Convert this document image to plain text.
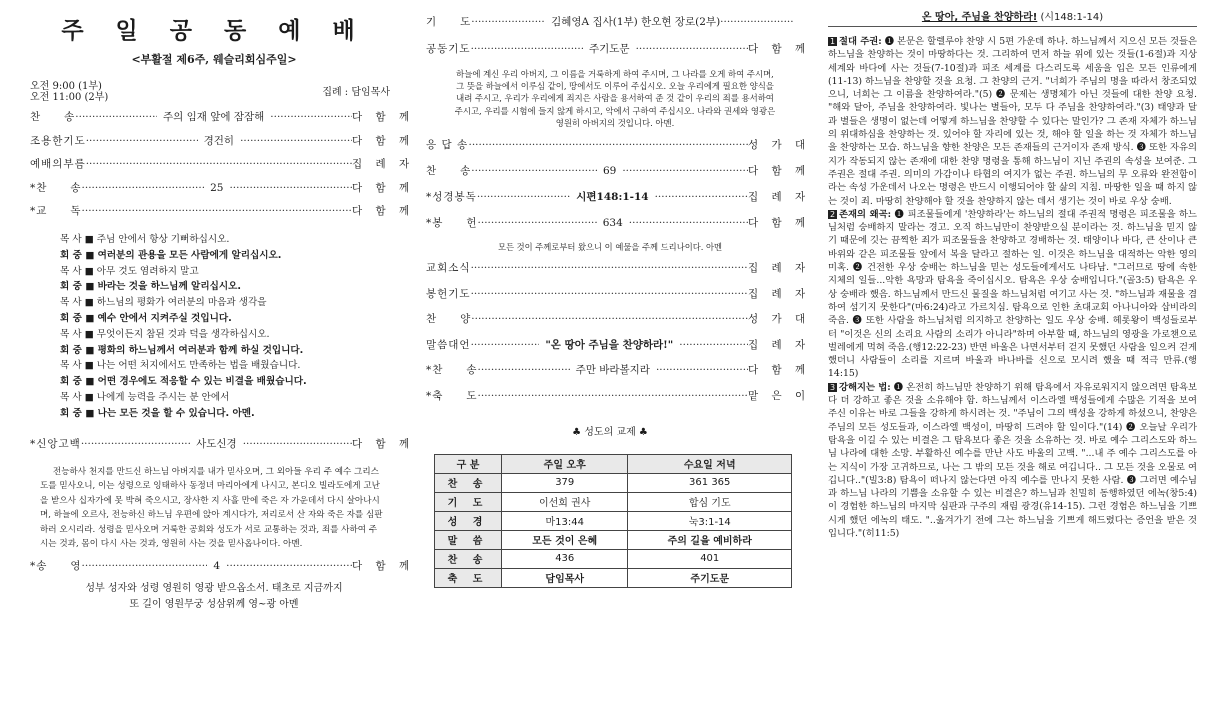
주 일 공 동 예 배
<부활절 제6주, 웨슬리회심주일>
오전 9:00 (1부)
오전 11:00 (2부)	집례 : 담임목사
찬　　송 ·····	주의 임재 앞에 잠잠해 ·····	다 함 께
조용한기도 ·····	경건히 ·····	다 함 께
예배의부름 ·····	집 례 자
*찬　　송 ·····	25 ·····	다 함 께
*교　　독 ·····	다 함 께
목 사 ■ 주님 안에서 항상 기뻐하십시오.
회 중 ■ 여러분의 관용을 모든 사람에게 알리십시오.
목 사 ■ 아무 것도 염려하지 말고
회 중 ■ 바라는 것을 하느님께 알리십시오.
목 사 ■ 하느님의 평화가 여러분의 마음과 생각을
회 중 ■ 예수 안에서 지켜주실 것입니다.
목 사 ■ 무엇이든지 참된 것과 덕을 생각하십시오.
회 중 ■ 평화의 하느님께서 여러분과 함께 하실 것입니다.
목 사 ■ 나는 어떤 처지에서도 만족하는 법을 배웠습니다.
회 중 ■ 어떤 경우에도 적응할 수 있는 비결을 배웠습니다.
목 사 ■ 나에게 능력을 주시는 분 안에서
회 중 ■ 나는 모든 것을 할 수 있습니다. 아멘.
*신앙고백 ·····	사도신경 ·····	다 함 께
전능하사 천지를 만드신 하느님 아버지를 내가 믿사오며, 그 외아들 우리 주 예수 그리스도를 믿사오니, 이는 성령으로 잉태하사 동정녀 마리아에게 나시고, 본디오 빌라도에게 고난을 받으사 십자가에 못 박혀 죽으시고, 장사한 지 사흘 만에 죽은 자 가운데서 다시 살아나시며, 하늘에 오르사, 전능하신 하느님 우편에 앉아 계시다가, 저리로서 산 자와 죽은 자를 심판하러 오시리라. 성령을 믿사오며 거룩한 공회와 성도가 서로 교통하는 것과, 죄를 사하여 주시는 것과, 몸이 다시 사는 것과, 영원히 사는 것을 믿사옵나이다. 아멘.
*송　　영 ·····	4 ·····	다 함 께
성부 성자와 성령 영원히 영광 받으옵소서. 태초로 지금까지
또 길이 영원무궁 성삼위께 영~광 아멘
기　　도 ·····	김혜영A 집사(1부) 한오현 장로(2부)
·····
공동기도 ·····	주기도문 ·····	다 함 께
하늘에 계신 우리 아버지, 그 이름을 거룩하게 하여 주시며, 그 나라를 오게 하여 주시며, 그 뜻을 하늘에서 이루심 같이, 땅에서도 이루어 주십시오. 오늘 우리에게 필요한 양식을 내려 주시고, 우리가 우리에게 죄지은 사람을 용서하여 준 것 같이 우리의 죄를 용서하여 주시고, 우리를 시험에 들지 않게 하시고, 악에서 구하여 주십시오. 나라와 권세와 영광은 영원히 아버지의 것입니다. 아멘.
응 답 송 ·····	성 가 대
찬　　송 ·····	69 ·····	다 함 께
*성경봉독 ·····	시편148:1-14 ·····	집 례 자
*봉　　헌 ·····	634 ·····	다 함 께
모든 것이 주께로부터 왔으니 이 예물을 주께 드리나이다. 아멘
교회소식 ·····	집 례 자
봉헌기도 ·····	집 례 자
찬　　양 ·····	성 가 대
말씀대언 ·····	"온 땅아 주님을 찬양하라!" ·····	집 례 자
*찬　　송 ·····	주만 바라볼지라 ·····	다 함 께
*축　　도 ·····	맡 은 이
♣ 성도의 교제 ♣
구 분	주일 오후	수요일 저녁
찬 송	379	361 365
기 도	이선희 권사	합심 기도
성 경	마13:44	눅3:1-14
말 씀	모든 것이 은혜	주의 길을 예비하라
찬 송	436	401
축 도	담임목사	주기도문
온 땅아, 주님을 찬양하라! (시148:1-14)
1 절대 주권: ❶ 본문은 할렐루야 찬양 시 5편 가운데 하나. 하느님께서 지으신 모든 것들은 하느님을 찬양하는 것이 마땅하다는 것. 그리하여 먼저 하늘 위에 있는 것들(1-6절)과 지상 세계와 바다에 사는 것들(7-10절)과 피조 세계를 다스리도록 세움을 입은 모든 인류에게(11-13) 하느님을 찬양할 것을 요청. 그 찬양의 근거. "너희가 주님의 명을 따라서 창조되었으니, 너희는 그 이름을 찬양하여라."(5) ❷ 문제는 생명체가 아닌 것들에 대한 찬양 요청. "해와 달아, 주님을 찬양하여라. 빛나는 별들아, 모두 다 주님을 찬양하여라."(3) 태양과 달과 별들은 생명이 없는데 어떻게 하느님을 찬양할 수 있다는 말인가? 그 존재 자체가 하느님의 위대하심을 찬양하는 것. 있어야 할 자리에 있는 것, 해야 할 일을 하는 것 자체가 하느님을 찬양하는 모습. 하느님을 향한 찬양은 모든 존재들의 근거이자 존재 방식. ❸ 또한 자유의지가 작동되지 않는 존재에 대한 찬양 명령을 통해 하느님이 지닌 주권의 속성을 보여준. 그 주권은 절대 주권. 의미의 가감이나 타협의 여지가 없는 주권. 하느님의 무 오류와 완전함이라는 속성 가운데서 나오는 명령은 반드시 이행되어야 할 삶의 지침. 마땅한 일을 때 하지 않는 것이 죄. 마땅히 찬양해야 할 것을 찬양하지 않는 데서 생기는 것이 바로 우상 숭배.
2 존재의 왜곡: ❶ 피조물들에게 '찬양하라'는 하느님의 절대 주권적 명령은 피조물을 하느님처럼 숭배하지 말라는 경고. 오직 하느님만이 찬양받으실 분이라는 것. 하느님을 믿지 않기 때문에 깃는 끔찍한 죄가 피조물들을 찬양하고 경배하는 것. 태양이나 바다, 큰 산이나 큰 바위와 같은 피조물들 앞에서 복을 달라고 절하는 일. 이것은 하느님을 대적하는 악한 영의 미혹. ❷ 건전한 우상 숭배는 하느님을 믿는 성도들에게서도 나타남. "그러므로 땅에 속한 지체의 일들...악한 욕망과 탐욕을 죽이십시오. 탐욕은 우상 숭배입니다."(골3:5) 탐욕은 우상 숭배라 했음. 하느님께서 만드신 물질을 하느님처럼 여기고 사는 것. "하느님과 재물을 겸하여 섬기지 못한다"(마6:24)라고 가르치심. 탐욕으로 인한 초대교회 아나니아와 삽비라의 죽음. ❸ 또한 사람을 하느님처럼 의지하고 찬양하는 일도 우상 숭배. 헤롯왕이 백성들로부터 "이것은 신의 소리요 사람의 소리가 아니라"하며 아부할 때, 하느님의 영광을 가로챈으로 벌레에게 먹혀 죽음.(행12:22-23) 반면 바울은 나면서부터 걷지 못했던 사람을 일으켜 걷게 했더니 사람들이 소리를 지르며 바울과 바나바를 신으로 모시려 했을 때 적극 만류.(행14:15)
3 강해지는 법: ❶ 온전히 하느님만 찬양하기 위해 탐욕에서 자유로워지지 않으려면 탐욕보다 더 강하고 좋은 것을 소유해야 함. 하느님께서 이스라엘 백성들에게 수많은 기적을 보여주신 이유는 바로 그들을 강하게 하시려는 것. "주님이 그의 백성을 강하게 하셨으니, 찬양은 주님의 모든 성도들과, 이스라엘 백성이, 마땅히 드려야 할 일이다."(14) ❷ 오늘날 우리가 탐욕을 이길 수 있는 비결은 그 탐욕보다 좋은 것을 소유하는 것. 바로 예수 그리스도와 하느님 나라에 대한 소망. 부활하신 예수를 만난 사도 바울의 고백. "...내 주 예수 그리스도를 아는 지식이 가장 고귀하므로, 나는 그 밖의 모든 것을 해로 여깁니다.. 그 모든 것을 오물로 여깁니다.."(빌3:8) 탐욕이 떠나지 않는다면 아직 예수를 만나지 못한 사람. ❸ 그러면 예수님과 하느님 나라의 기쁨을 소유할 수 있는 비결은? 하느님과 친밀히 동행하였던 에녹(창5:4)이 경험한 하느님의 마지막 심판과 구주의 재림 광경(유14-15). 그런 경험은 하느님을 기쁘시게 했던 에녹의 태도. "..옮겨가기 전에 그는 하느님을 기쁘게 해드렸다는 증언을 받은 것입니다."(히11:5)
